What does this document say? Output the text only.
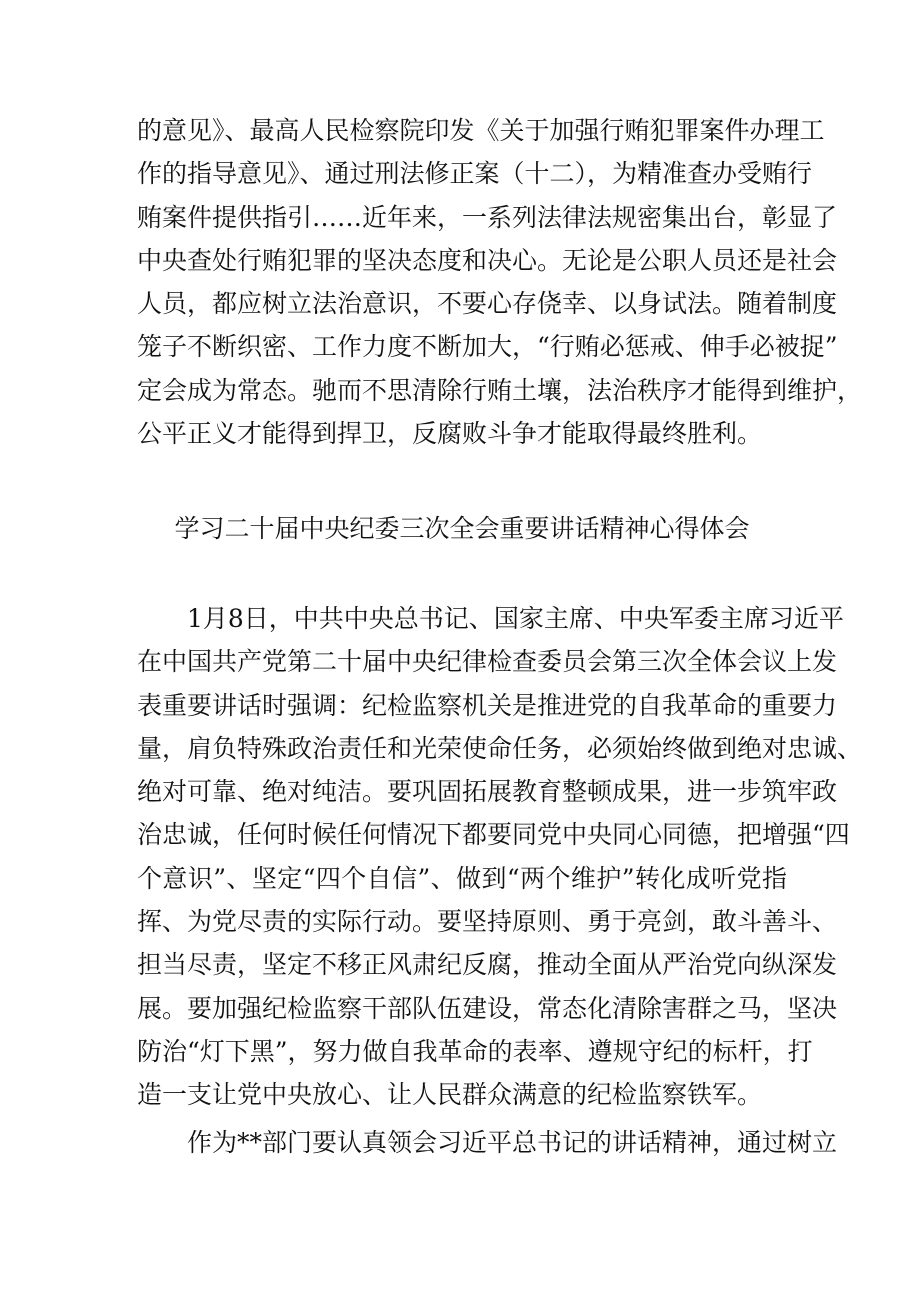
的意见》、最高人民检察院印发《关于加强行贿犯罪案件办理工
作的指导意见》、通过刑法修正案（十二），为精准查办受贿行
贿案件提供指引……近年来，一系列法律法规密集出台，彰显了
中央查处行贿犯罪的坚决态度和决心。无论是公职人员还是社会
人员，都应树立法治意识，不要心存侥幸、以身试法。随着制度
笼子不断织密、工作力度不断加大，“行贿必惩戒、伸手必被捉”
定会成为常态。驰而不思清除行贿土壤，法治秩序才能得到维护，
公平正义才能得到捍卫，反腐败斗争才能取得最终胜利。
学习二十届中央纪委三次全会重要讲话精神心得体会
1月8日，中共中央总书记、国家主席、中央军委主席习近平
在中国共产党第二十届中央纪律检查委员会第三次全体会议上发
表重要讲话时强调：纪检监察机关是推进党的自我革命的重要力
量，肩负特殊政治责任和光荣使命任务，必须始终做到绝对忠诚、
绝对可靠、绝对纯洁。要巩固拓展教育整顿成果，进一步筑牢政
治忠诚，任何时候任何情况下都要同党中央同心同德，把增强“四
个意识”、坚定“四个自信”、做到“两个维护”转化成听党指
挥、为党尽责的实际行动。要坚持原则、勇于亮剑，敢斗善斗、
担当尽责，坚定不移正风肃纪反腐，推动全面从严治党向纵深发
展。要加强纪检监察干部队伍建设，常态化清除害群之马，坚决
防治“灯下黑”，努力做自我革命的表率、遵规守纪的标杆，打
造一支让党中央放心、让人民群众满意的纪检监察铁军。
作为**部门要认真领会习近平总书记的讲话精神，通过树立
